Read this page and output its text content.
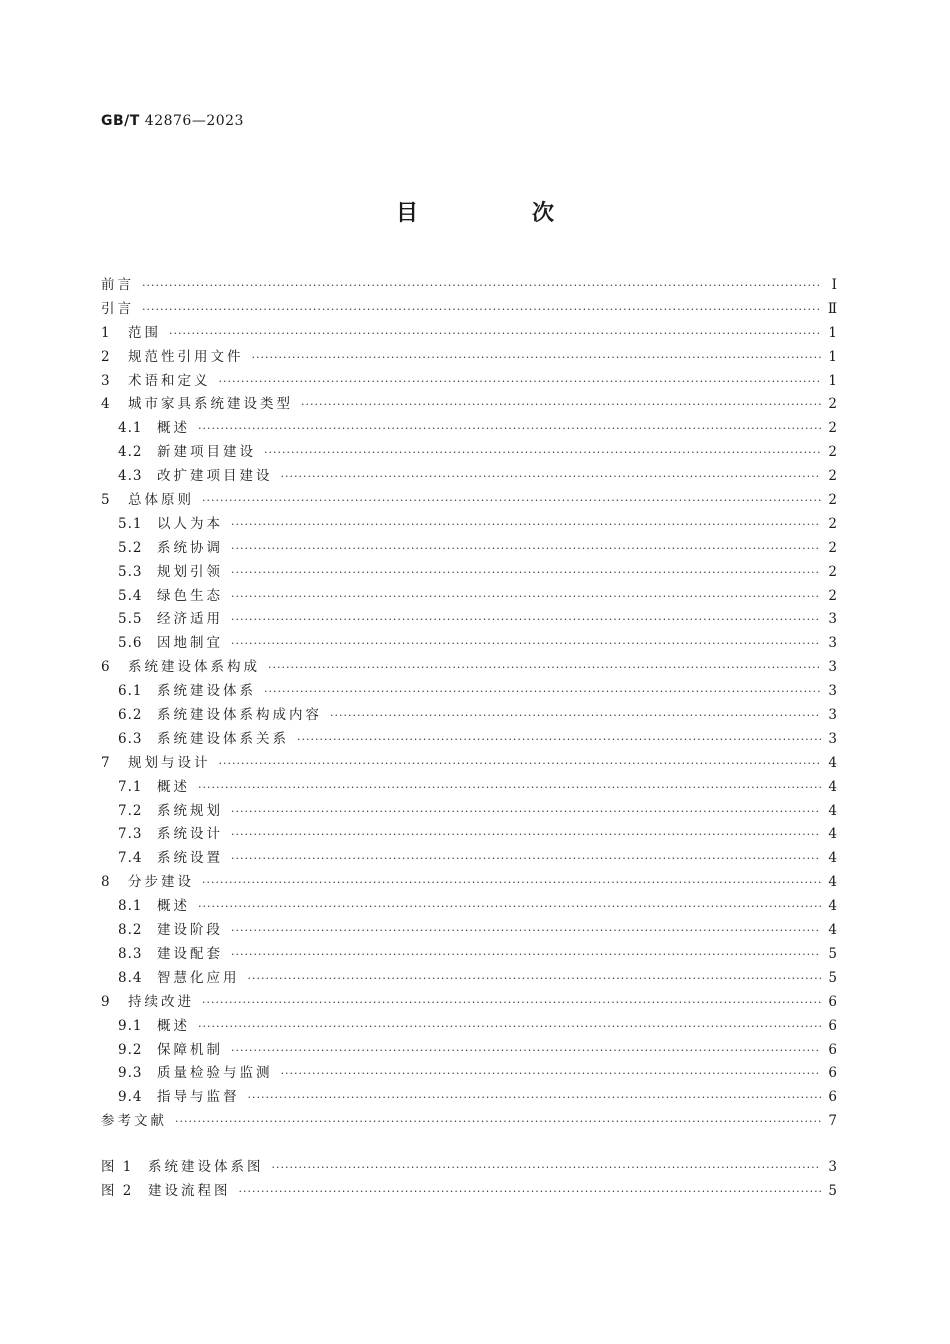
GB/T 42876—2023
目　次
前言 ·····	Ⅰ
引言 ·····	Ⅱ
1	范围 ·····	1
2	规范性引用文件 ·····	1
3	术语和定义 ·····	1
4	城市家具系统建设类型 ·····	2
4.1	概述 ·····	2
4.2	新建项目建设 ·····	2
4.3	改扩建项目建设 ·····	2
5	总体原则 ·····	2
5.1	以人为本 ·····	2
5.2	系统协调 ·····	2
5.3	规划引领 ·····	2
5.4	绿色生态 ·····	2
5.5	经济适用 ·····	3
5.6	因地制宜 ·····	3
6	系统建设体系构成 ·····	3
6.1	系统建设体系 ·····	3
6.2	系统建设体系构成内容 ·····	3
6.3	系统建设体系关系 ·····	3
7	规划与设计 ·····	4
7.1	概述 ·····	4
7.2	系统规划 ·····	4
7.3	系统设计 ·····	4
7.4	系统设置 ·····	4
8	分步建设 ·····	4
8.1	概述 ·····	4
8.2	建设阶段 ·····	4
8.3	建设配套 ·····	5
8.4	智慧化应用 ·····	5
9	持续改进 ·····	6
9.1	概述 ·····	6
9.2	保障机制 ·····	6
9.3	质量检验与监测 ·····	6
9.4	指导与监督 ·····	6
参考文献 ·····	7
图 1	系统建设体系图 ·····	3
图 2	建设流程图 ·····	5
